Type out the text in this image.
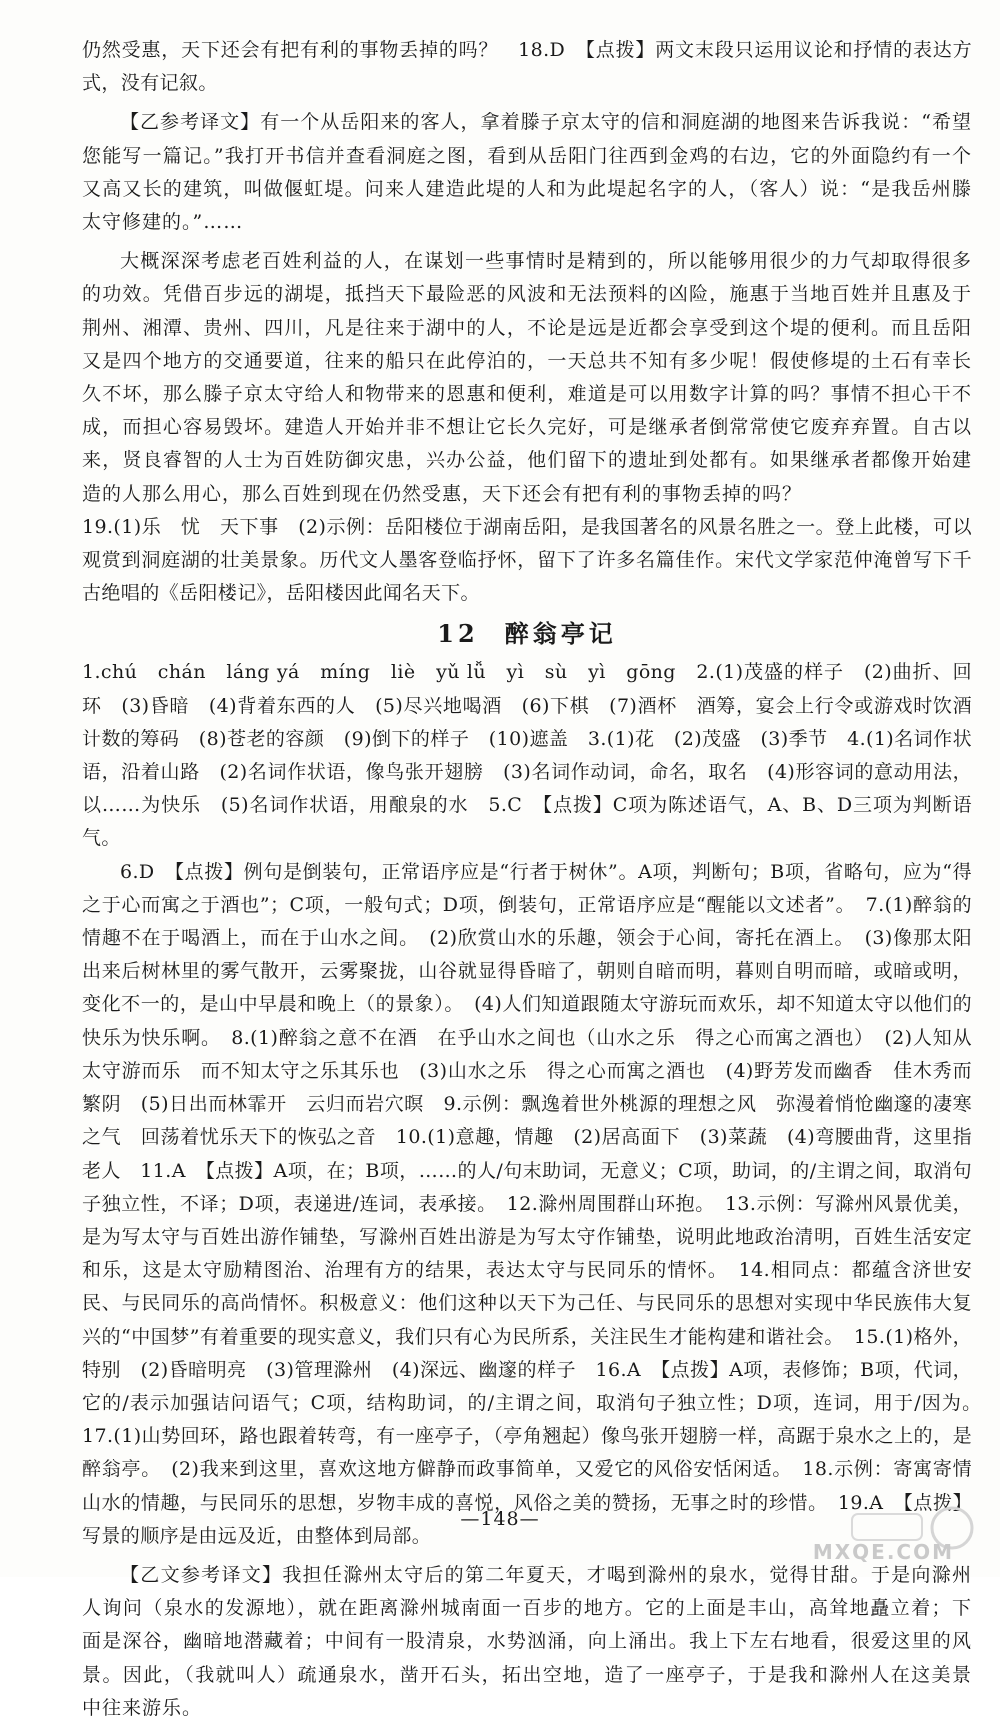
仍然受惠，天下还会有把有利的事物丢掉的吗？　18.D　【点拨】两文末段只运用议论和抒情的表达方式，没有记叙。

【乙参考译文】有一个从岳阳来的客人，拿着滕子京太守的信和洞庭湖的地图来告诉我说：“希望您能写一篇记。”我打开书信并查看洞庭之图，看到从岳阳门往西到金鸡的右边，它的外面隐约有一个又高又长的建筑，叫做偃虹堤。问来人建造此堤的人和为此堤起名字的人，（客人）说：“是我岳州滕太守修建的。”……

大概深深考虑老百姓利益的人，在谋划一些事情时是精到的，所以能够用很少的力气却取得很多的功效。凭借百步远的湖堤，抵挡天下最险恶的风波和无法预料的凶险，施惠于当地百姓并且惠及于荆州、湘潭、贵州、四川，凡是往来于湖中的人，不论是远是近都会享受到这个堤的便利。而且岳阳又是四个地方的交通要道，往来的船只在此停泊的，一天总共不知有多少呢！假使修堤的土石有幸长久不坏，那么滕子京太守给人和物带来的恩惠和便利，难道是可以用数字计算的吗？事情不担心干不成，而担心容易毁坏。建造人开始并非不想让它长久完好，可是继承者倒常常使它废弃弃置。自古以来，贤良睿智的人士为百姓防御灾患，兴办公益，他们留下的遗址到处都有。如果继承者都像开始建造的人那么用心，那么百姓到现在仍然受惠，天下还会有把有利的事物丢掉的吗？

19.(1)乐　忧　天下事　(2)示例：岳阳楼位于湖南岳阳，是我国著名的风景名胜之一。登上此楼，可以观赏到洞庭湖的壮美景象。历代文人墨客登临抒怀，留下了许多名篇佳作。宋代文学家范仲淹曾写下千古绝唱的《岳阳楼记》，岳阳楼因此闻名天下。

12 醉翁亭记

1.chú　chán　láng yá　míng　liè　yǔ lǚ　yì　sù　yì　gōng　2.(1)茂盛的样子　(2)曲折、回环　(3)昏暗　(4)背着东西的人　(5)尽兴地喝酒　(6)下棋　(7)酒杯　酒筹，宴会上行令或游戏时饮酒计数的筹码　(8)苍老的容颜　(9)倒下的样子　(10)遮盖　3.(1)花　(2)茂盛　(3)季节　4.(1)名词作状语，沿着山路　(2)名词作状语，像鸟张开翅膀　(3)名词作动词，命名，取名　(4)形容词的意动用法，以……为快乐　(5)名词作状语，用酿泉的水　5.C　【点拨】C项为陈述语气，A、B、D三项为判断语气。

6.D　【点拨】例句是倒装句，正常语序应是“行者于树休”。A项，判断句；B项，省略句，应为“得之于心而寓之于酒也”；C项，一般句式；D项，倒装句，正常语序应是“醒能以文述者”。　7.(1)醉翁的情趣不在于喝酒上，而在于山水之间。　(2)欣赏山水的乐趣，领会于心间，寄托在酒上。　(3)像那太阳出来后树林里的雾气散开，云雾聚拢，山谷就显得昏暗了，朝则自暗而明，暮则自明而暗，或暗或明，变化不一的，是山中早晨和晚上（的景象）。　(4)人们知道跟随太守游玩而欢乐，却不知道太守以他们的快乐为快乐啊。　8.(1)醉翁之意不在酒　在乎山水之间也（山水之乐　得之心而寓之酒也）　(2)人知从太守游而乐　而不知太守之乐其乐也　(3)山水之乐　得之心而寓之酒也　(4)野芳发而幽香　佳木秀而繁阴　(5)日出而林霏开　云归而岩穴暝　9.示例：飘逸着世外桃源的理想之风　弥漫着悄怆幽邃的凄寒之气　回荡着忧乐天下的恢弘之音　10.(1)意趣，情趣　(2)居高面下　(3)菜蔬　(4)弯腰曲背，这里指老人　11.A　【点拨】A项，在；B项，……的人/句末助词，无意义；C项，助词，的/主谓之间，取消句子独立性，不译；D项，表递进/连词，表承接。　12.滁州周围群山环抱。　13.示例：写滁州风景优美，是为写太守与百姓出游作铺垫，写滁州百姓出游是为写太守作铺垫，说明此地政治清明，百姓生活安定和乐，这是太守励精图治、治理有方的结果，表达太守与民同乐的情怀。　14.相同点：都蕴含济世安民、与民同乐的高尚情怀。积极意义：他们这种以天下为己任、与民同乐的思想对实现中华民族伟大复兴的“中国梦”有着重要的现实意义，我们只有心为民所系，关注民生才能构建和谐社会。　15.(1)格外，特别　(2)昏暗明亮　(3)管理滁州　(4)深远、幽邃的样子　16.A　【点拨】A项，表修饰；B项，代词，它的/表示加强诘问语气；C项，结构助词，的/主谓之间，取消句子独立性；D项，连词，用于/因为。　17.(1)山势回环，路也跟着转弯，有一座亭子，（亭角翘起）像鸟张开翅膀一样，高踞于泉水之上的，是醉翁亭。　(2)我来到这里，喜欢这地方僻静而政事简单，又爱它的风俗安恬闲适。　18.示例：寄寓寄情山水的情趣，与民同乐的思想，岁物丰成的喜悦，风俗之美的赞扬，无事之时的珍惜。　19.A　【点拨】写景的顺序是由远及近，由整体到局部。

【乙文参考译文】我担任滁州太守后的第二年夏天，才喝到滁州的泉水，觉得甘甜。于是向滁州人询问（泉水的发源地），就在距离滁州城南面一百步的地方。它的上面是丰山，高耸地矗立着；下面是深谷，幽暗地潜藏着；中间有一股清泉，水势汹涌，向上涌出。我上下左右地看，很爱这里的风景。因此，（我就叫人）疏通泉水，凿开石头，拓出空地，造了一座亭子，于是我和滁州人在这美景中往来游乐。

—148—
MXQE.COM
